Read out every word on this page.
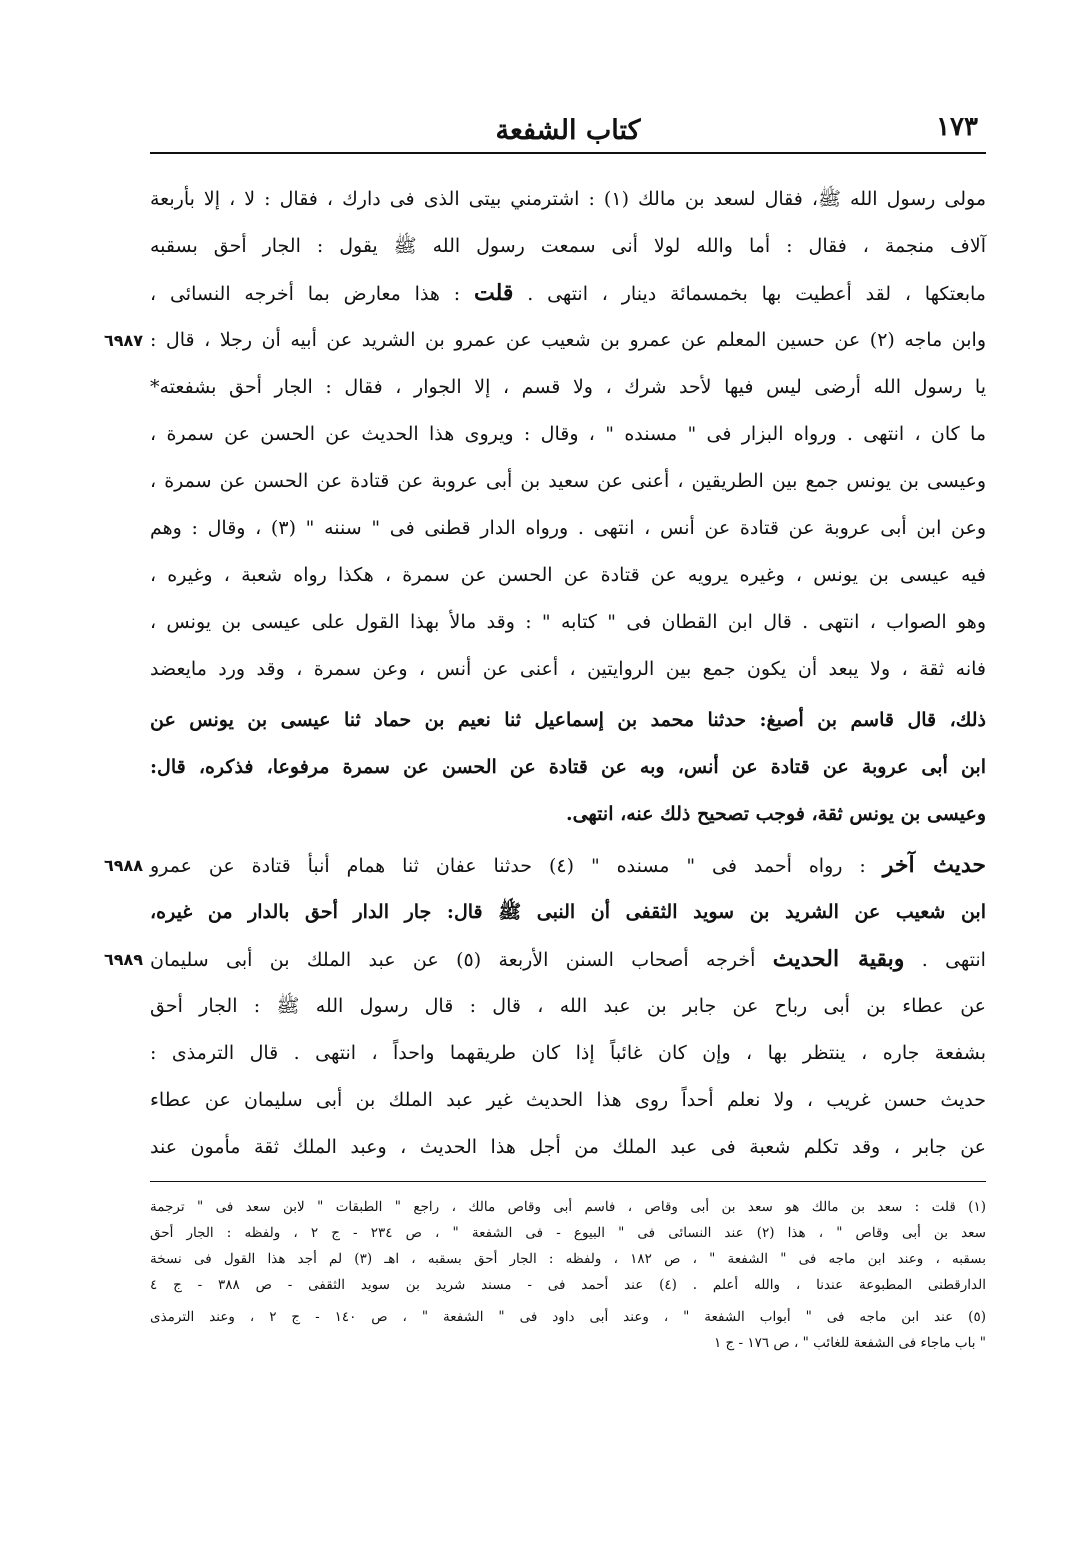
١٧٣
كتاب الشفعة
مولى رسول الله ﷺ، فقال لسعد بن مالك (١) : اشترمني بيتى الذى فى دارك ، فقال : لا ، إلا بأربعة
آلاف منجمة ، فقال : أما والله لولا أنى سمعت رسول الله ﷺ يقول : الجار أحق بسقبه
مابعتكها ، لقد أعطيت بها بخمسمائة دينار ، انتهى . قلت : هذا معارض بما أخرجه النسائى ،
وابن ماجه (٢) عن حسين المعلم عن عمرو بن شعيب عن عمرو بن الشريد عن أبيه أن رجلا ، قال :
٦٩٨٧
يا رسول الله أرضى ليس فيها لأحد شرك ، ولا قسم ، إلا الجوار ، فقال : الجار أحق بشفعته*
ما كان ، انتهى . ورواه البزار فى " مسنده " ، وقال : ويروى هذا الحديث عن الحسن عن سمرة ،
وعيسى بن يونس جمع بين الطريقين ، أعنى عن سعيد بن أبى عروبة عن قتادة عن الحسن عن سمرة ،
وعن ابن أبى عروبة عن قتادة عن أنس ، انتهى . ورواه الدار قطنى فى " سننه " (٣) ، وقال : وهم
فيه عيسى بن يونس ، وغيره يرويه عن قتادة عن الحسن عن سمرة ، هكذا رواه شعبة ، وغيره ،
وهو الصواب ، انتهى . قال ابن القطان فى " كتابه " : وقد مالأ بهذا القول على عيسى بن يونس ،
فانه ثقة ، ولا يبعد أن يكون جمع بين الروايتين ، أعنى عن أنس ، وعن سمرة ، وقد ورد مايعضد
ذلك، قال قاسم بن أصبغ: حدثنا محمد بن إسماعيل ثنا نعيم بن حماد ثنا عيسى بن يونس عن
ابن أبى عروبة عن قتادة عن أنس، وبه عن قتادة عن الحسن عن سمرة مرفوعا، فذكره، قال:
وعيسى بن يونس ثقة، فوجب تصحيح ذلك عنه، انتهى.
حديث آخر : رواه أحمد فى " مسنده " (٤) حدثنا عفان ثنا همام أنبأ قتادة عن عمرو
٦٩٨٨
ابن شعيب عن الشريد بن سويد الثقفى أن النبى ﷺ قال: جار الدار أحق بالدار من غيره،
انتهى . وبقية الحديث أخرجه أصحاب السنن الأربعة (٥) عن عبد الملك بن أبى سليمان
٦٩٨٩
عن عطاء بن أبى رباح عن جابر بن عبد الله ، قال : قال رسول الله ﷺ : الجار أحق
بشفعة جاره ، ينتظر بها ، وإن كان غائباً إذا كان طريقهما واحداً ، انتهى . قال الترمذى :
حديث حسن غريب ، ولا نعلم أحداً روى هذا الحديث غير عبد الملك بن أبى سليمان عن عطاء
عن جابر ، وقد تكلم شعبة فى عبد الملك من أجل هذا الحديث ، وعبد الملك ثقة مأمون عند
(١) قلت : سعد بن مالك هو سعد بن أبى وقاص ، فاسم أبى وقاص مالك ، راجع " الطبقات " لابن سعد فى " ترجمة
سعد بن أبى وقاص " ، هذا (٢) عند النسائى فى " البيوع - فى الشفعة " ، ص ٢٣٤ - ج ٢ ، ولفظه : الجار أحق
بسقبه ، وعند ابن ماجه فى " الشفعة " ، ص ١٨٢ ، ولفظه : الجار أحق بسقبه ، اهـ (٣) لم أجد هذا القول فى نسخة
الدارقطنى المطبوعة عندنا ، والله أعلم . (٤) عند أحمد فى - مسند شريد بن سويد الثقفى - ص ٣٨٨ - ج ٤
(٥) عند ابن ماجه فى " أبواب الشفعة " ، وعند أبى داود فى " الشفعة " ، ص ١٤٠ - ج ٢ ، وعند الترمذى
" باب ماجاء فى الشفعة للغائب " ، ص ١٧٦ - ج ١
